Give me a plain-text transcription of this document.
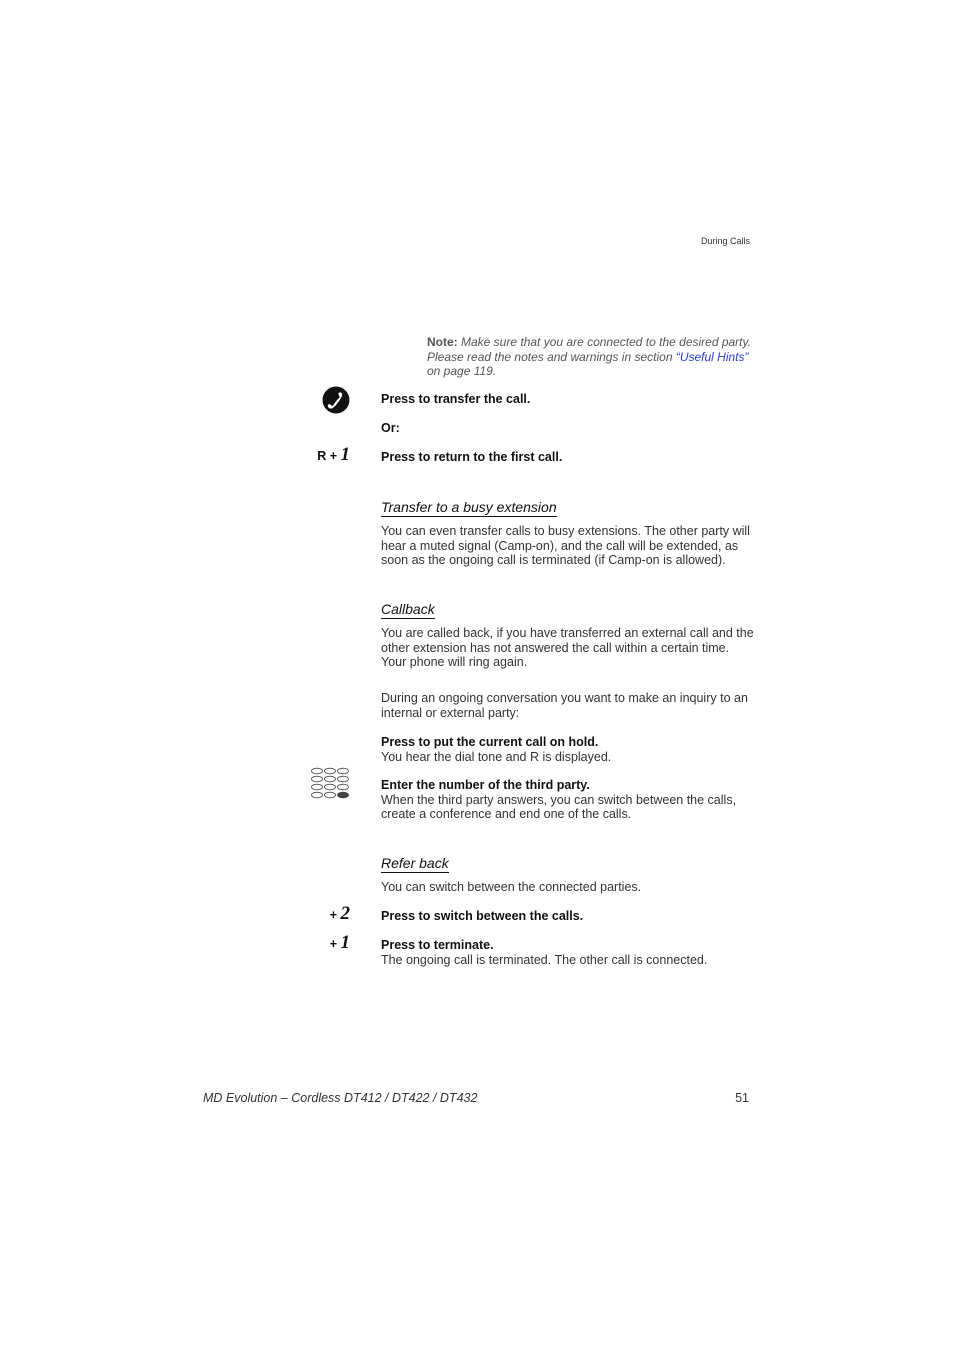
During Calls
Note: Make sure that you are connected to the desired party. Please read the notes and warnings in section “Useful Hints” on page 119.
Press to transfer the call.
Or:
R + 1 Press to return to the first call.
Transfer to a busy extension
You can even transfer calls to busy extensions. The other party will hear a muted signal (Camp-on), and the call will be extended, as soon as the ongoing call is terminated (if Camp-on is allowed).
Callback
You are called back, if you have transferred an external call and the other extension has not answered the call within a certain time. Your phone will ring again.
During an ongoing conversation you want to make an inquiry to an internal or external party:
Press to put the current call on hold.
You hear the dial tone and R is displayed.
Enter the number of the third party.
When the third party answers, you can switch between the calls, create a conference and end one of the calls.
Refer back
You can switch between the connected parties.
+ 2 Press to switch between the calls.
+ 1 Press to terminate.
The ongoing call is terminated. The other call is connected.
MD Evolution – Cordless DT412 / DT422 / DT432	51
